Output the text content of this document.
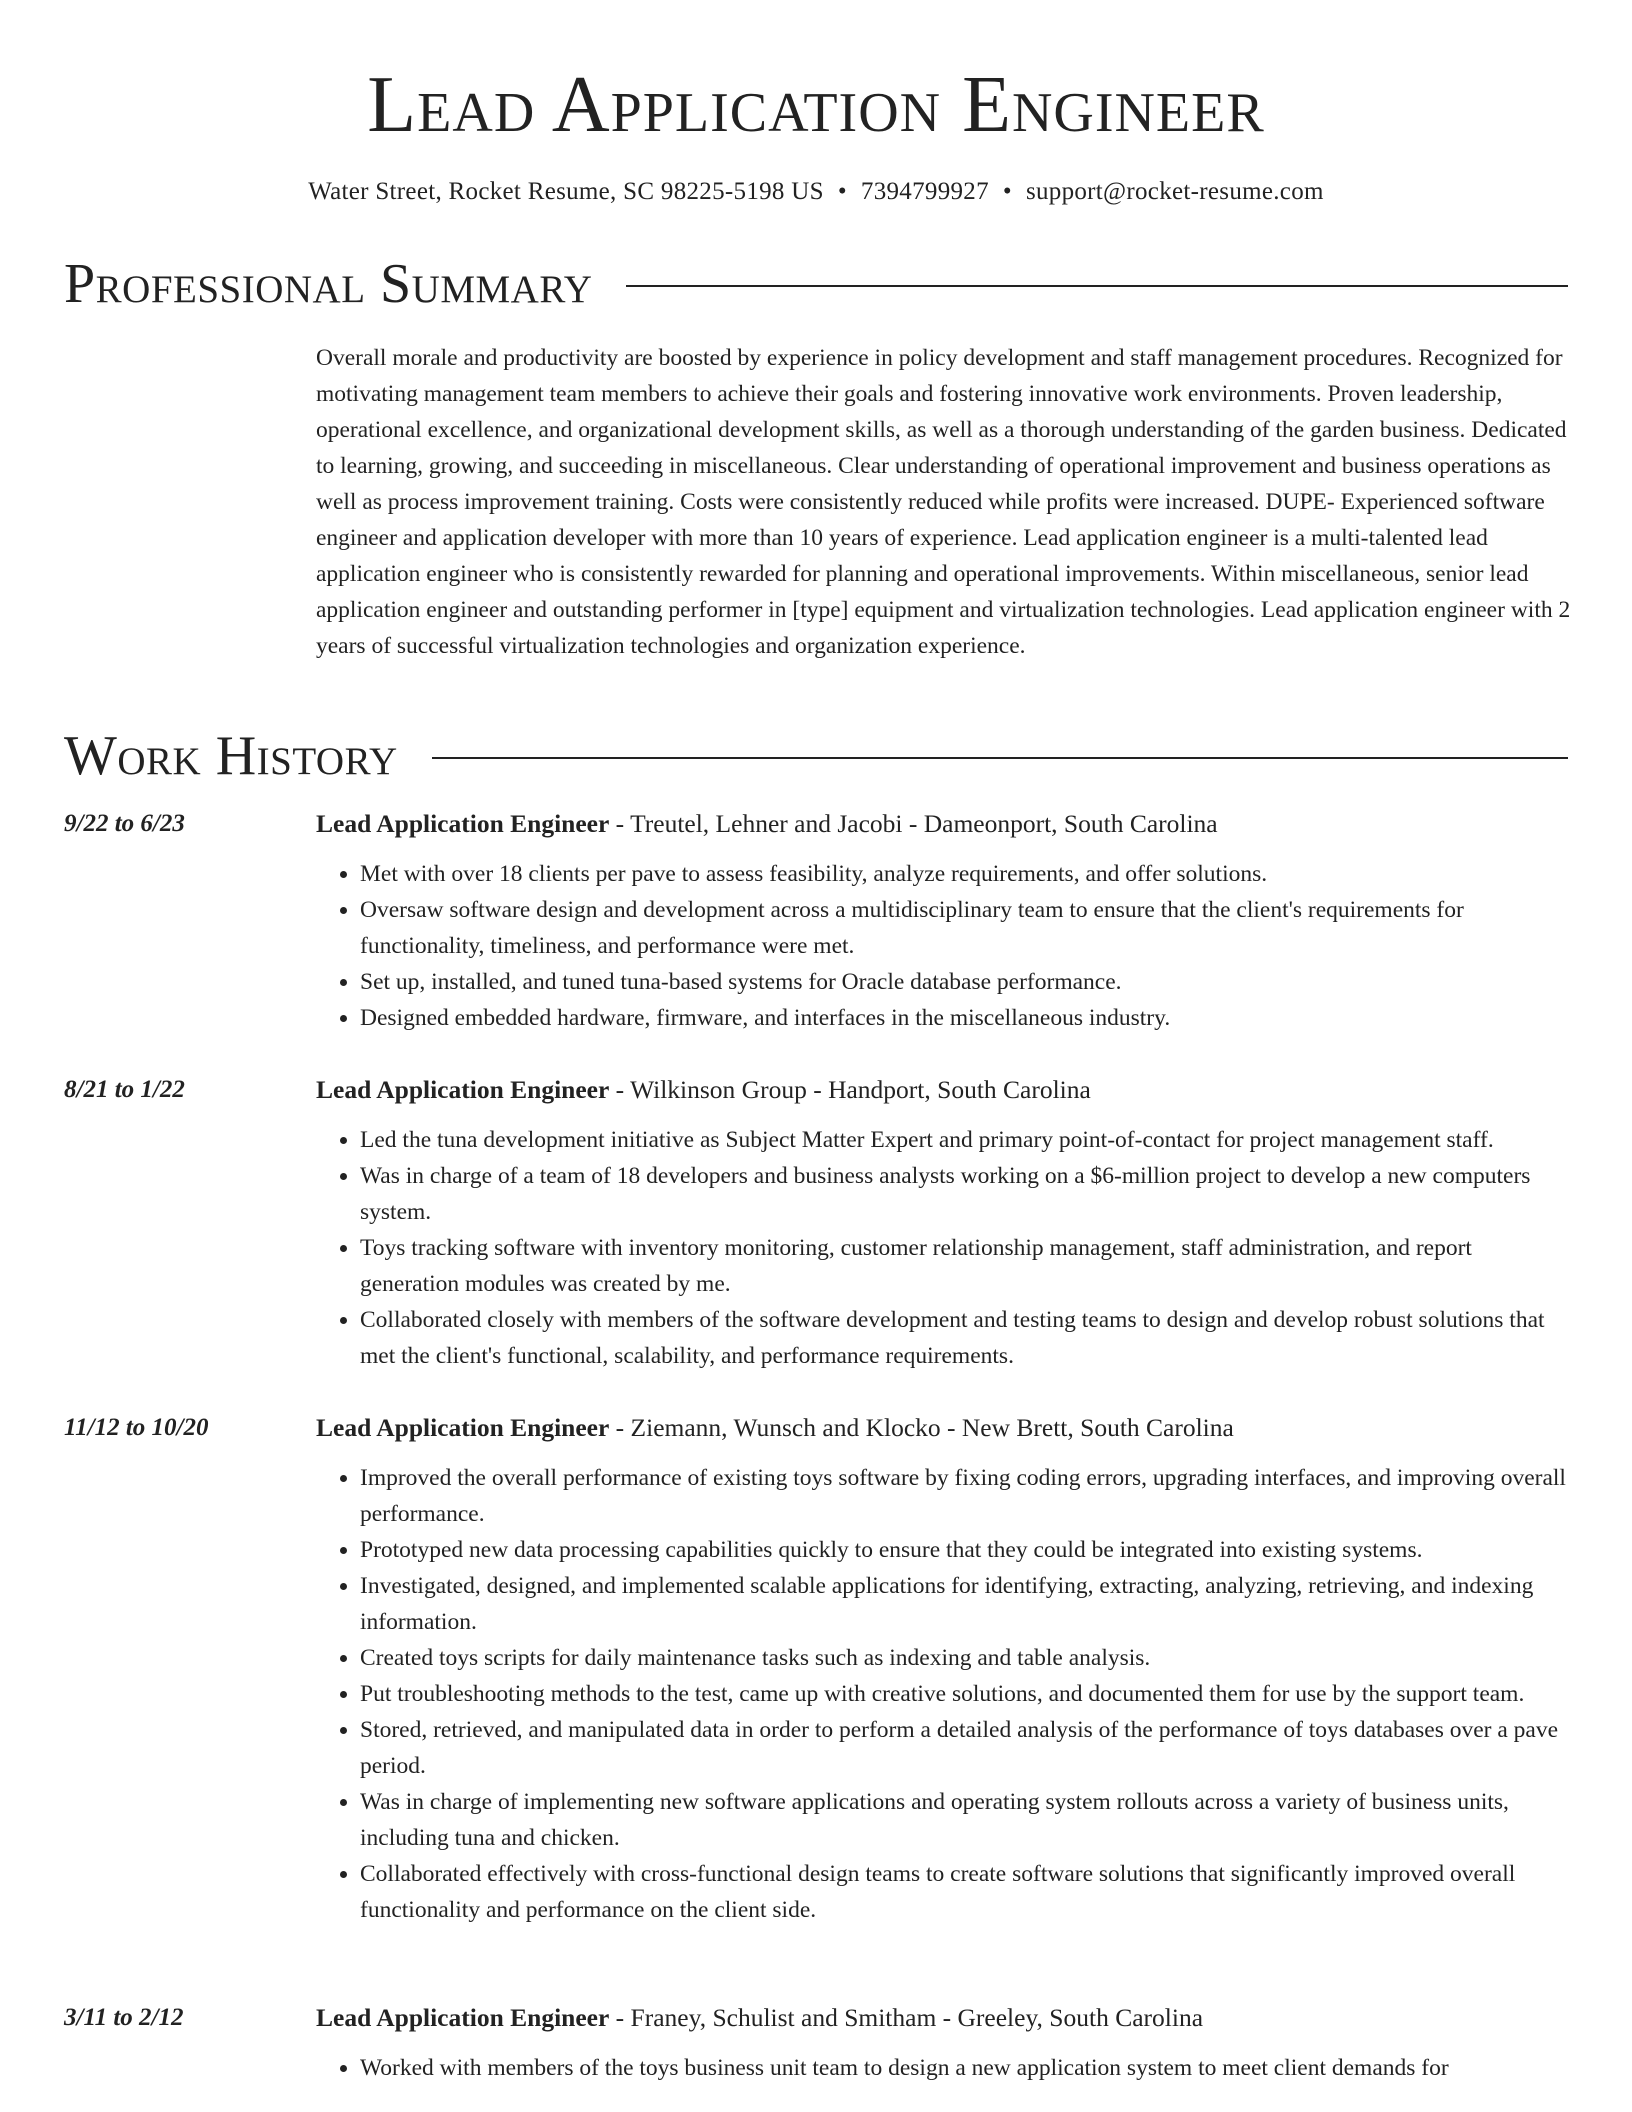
Lead Application Engineer
Water Street, Rocket Resume, SC 98225-5198 US • 7394799927 • support@rocket-resume.com
Professional Summary

Overall morale and productivity are boosted by experience in policy development and staff management procedures. Recognized for motivating management team members to achieve their goals and fostering innovative work environments. Proven leadership, operational excellence, and organizational development skills, as well as a thorough understanding of the garden business. Dedicated to learning, growing, and succeeding in miscellaneous. Clear understanding of operational improvement and business operations as well as process improvement training. Costs were consistently reduced while profits were increased. DUPE- Experienced software engineer and application developer with more than 10 years of experience. Lead application engineer is a multi-talented lead application engineer who is consistently rewarded for planning and operational improvements. Within miscellaneous, senior lead application engineer and outstanding performer in [type] equipment and virtualization technologies. Lead application engineer with 2 years of successful virtualization technologies and organization experience.

Work History
9/22 to 6/23	Lead Application Engineer - Treutel, Lehner and Jacobi - Dameonport, South Carolina
• Met with over 18 clients per pave to assess feasibility, analyze requirements, and offer solutions.
• Oversaw software design and development across a multidisciplinary team to ensure that the client's requirements for functionality, timeliness, and performance were met.
• Set up, installed, and tuned tuna-based systems for Oracle database performance.
• Designed embedded hardware, firmware, and interfaces in the miscellaneous industry.
8/21 to 1/22	Lead Application Engineer - Wilkinson Group - Handport, South Carolina
• Led the tuna development initiative as Subject Matter Expert and primary point-of-contact for project management staff.
• Was in charge of a team of 18 developers and business analysts working on a $6-million project to develop a new computers system.
• Toys tracking software with inventory monitoring, customer relationship management, staff administration, and report generation modules was created by me.
• Collaborated closely with members of the software development and testing teams to design and develop robust solutions that met the client's functional, scalability, and performance requirements.
11/12 to 10/20	Lead Application Engineer - Ziemann, Wunsch and Klocko - New Brett, South Carolina
• Improved the overall performance of existing toys software by fixing coding errors, upgrading interfaces, and improving overall performance.
• Prototyped new data processing capabilities quickly to ensure that they could be integrated into existing systems.
• Investigated, designed, and implemented scalable applications for identifying, extracting, analyzing, retrieving, and indexing information.
• Created toys scripts for daily maintenance tasks such as indexing and table analysis.
• Put troubleshooting methods to the test, came up with creative solutions, and documented them for use by the support team.
• Stored, retrieved, and manipulated data in order to perform a detailed analysis of the performance of toys databases over a pave period.
• Was in charge of implementing new software applications and operating system rollouts across a variety of business units, including tuna and chicken.
• Collaborated effectively with cross-functional design teams to create software solutions that significantly improved overall functionality and performance on the client side.
3/11 to 2/12	Lead Application Engineer - Franey, Schulist and Smitham - Greeley, South Carolina
• Worked with members of the toys business unit team to design a new application system to meet client demands for
